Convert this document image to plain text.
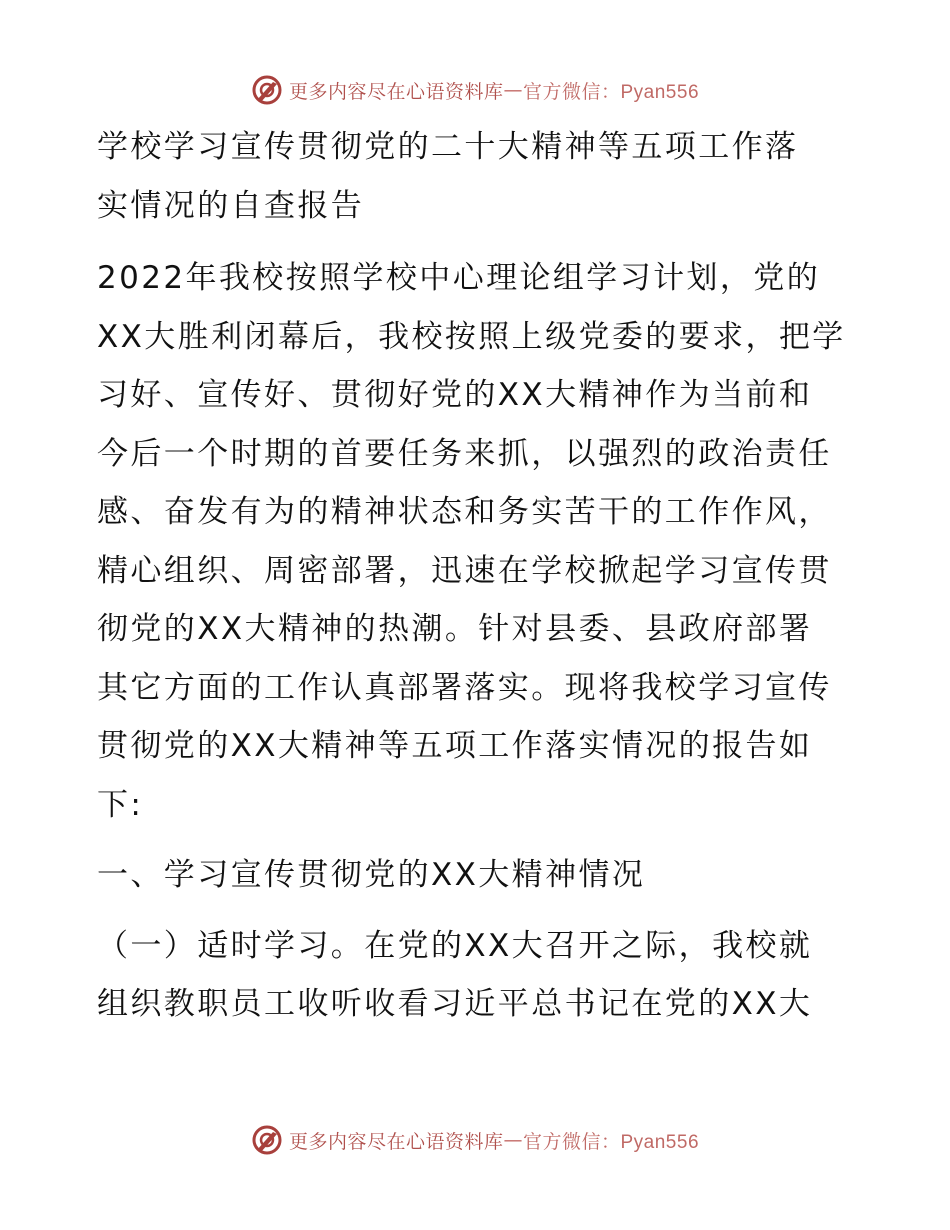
更多内容尽在心语资料库 — 官方微信：Pyan556
学校学习宣传贯彻党的二十大精神等五项工作落
实情况的自查报告
2022年我校按照学校中心理论组学习计划，党的
XX大胜利闭幕后，我校按照上级党委的要求，把学
习好、宣传好、贯彻好党的XX大精神作为当前和
今后一个时期的首要任务来抓，以强烈的政治责任
感、奋发有为的精神状态和务实苦干的工作作风，
精心组织、周密部署，迅速在学校掀起学习宣传贯
彻党的XX大精神的热潮。针对县委、县政府部署
其它方面的工作认真部署落实。现将我校学习宣传
贯彻党的XX大精神等五项工作落实情况的报告如
下:
一、学习宣传贯彻党的XX大精神情况
（一）适时学习。在党的XX大召开之际，我校就
组织教职员工收听收看习近平总书记在党的XX大
更多内容尽在心语资料库 — 官方微信：Pyan556
